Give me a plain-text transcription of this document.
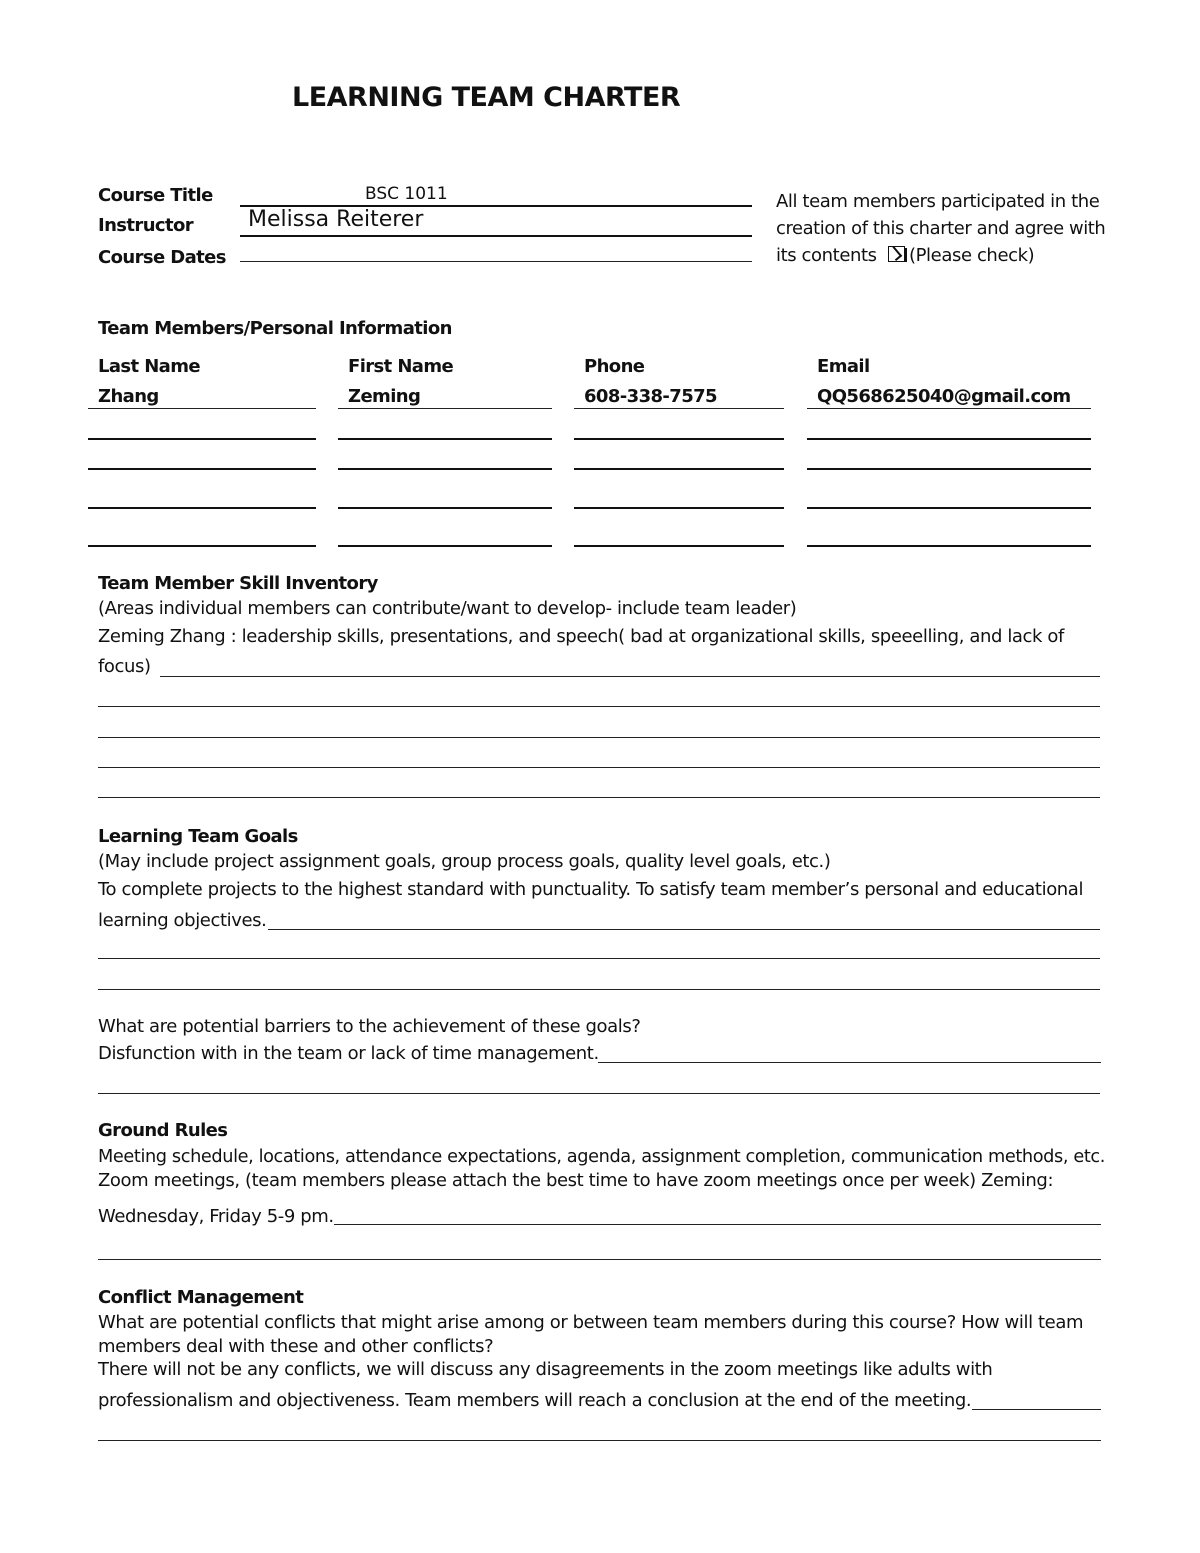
LEARNING TEAM CHARTER
Course Title	BSC 1011
Instructor Melissa Reiterer
Course Dates
All team members participated in the
creation of this charter and agree with
its contents (Please check)
Team Members/Personal Information
Last Name	First Name	Phone	Email
Zhang	Zeming	608-338-7575	QQ568625040@gmail.com
Team Member Skill Inventory
(Areas individual members can contribute/want to develop- include team leader)
Zeming Zhang : leadership skills, presentations, and speech( bad at organizational skills, speeelling, and lack of
focus)
Learning Team Goals
(May include project assignment goals, group process goals, quality level goals, etc.)
To complete projects to the highest standard with punctuality. To satisfy team member’s personal and educational
learning objectives.
What are potential barriers to the achievement of these goals?
Disfunction with in the team or lack of time management.
Ground Rules
Meeting schedule, locations, attendance expectations, agenda, assignment completion, communication methods, etc.
Zoom meetings, (team members please attach the best time to have zoom meetings once per week) Zeming:
Wednesday, Friday 5-9 pm.
Conflict Management
What are potential conflicts that might arise among or between team members during this course? How will team
members deal with these and other conflicts?
There will not be any conflicts, we will discuss any disagreements in the zoom meetings like adults with
professionalism and objectiveness. Team members will reach a conclusion at the end of the meeting.
